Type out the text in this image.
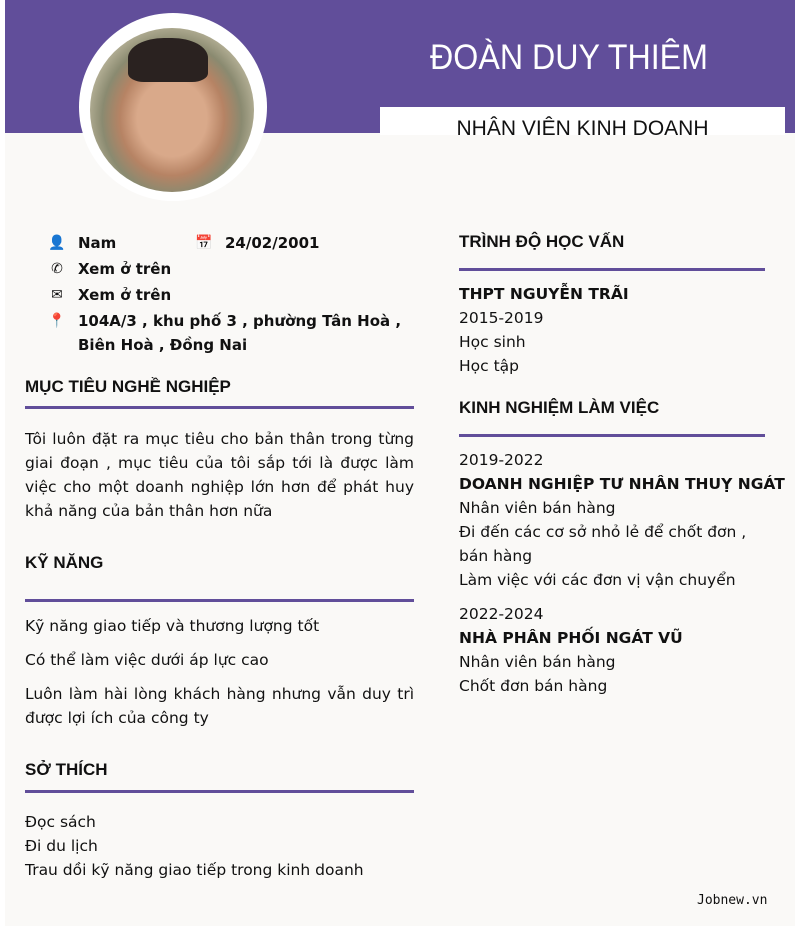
ĐOÀN DUY THIÊM
NHÂN VIÊN KINH DOANH
👤 Nam	📅 24/02/2001
✆ Xem ở trên
✉ Xem ở trên
📍 104A/3 , khu phố 3 , phường Tân Hoà ,
Biên Hoà , Đồng Nai
MỤC TIÊU NGHỀ NGHIỆP
Tôi luôn đặt ra mục tiêu cho bản thân trong từng giai đoạn , mục tiêu của tôi sắp tới là được làm việc cho một doanh nghiệp lớn hơn để phát huy khả năng của bản thân hơn nữa
KỸ NĂNG
Kỹ năng giao tiếp và thương lượng tốt
Có thể làm việc dưới áp lực cao
Luôn làm hài lòng khách hàng nhưng vẫn duy trì được lợi ích của công ty
SỞ THÍCH
Đọc sách
Đi du lịch
Trau dồi kỹ năng giao tiếp trong kinh doanh
TRÌNH ĐỘ HỌC VẤN
THPT NGUYỄN TRÃI
2015-2019
Học sinh
Học tập
KINH NGHIỆM LÀM VIỆC
2019-2022
DOANH NGHIỆP TƯ NHÂN THUỴ NGÁT
Nhân viên bán hàng
Đi đến các cơ sở nhỏ lẻ để chốt đơn , bán hàng
Làm việc với các đơn vị vận chuyển
2022-2024
NHÀ PHÂN PHỐI NGÁT VŨ
Nhân viên bán hàng
Chốt đơn bán hàng
Jobnew.vn
